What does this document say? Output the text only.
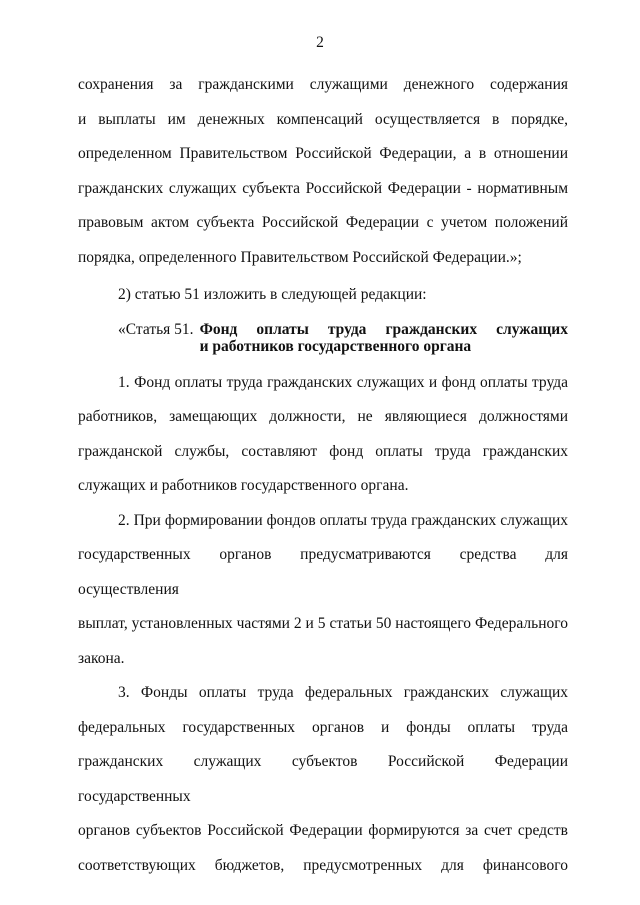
2

сохранения за гражданскими служащими денежного содержания

и выплаты им денежных компенсаций осуществляется в порядке,

определенном Правительством Российской Федерации, а в отношении

гражданских служащих субъекта Российской Федерации - нормативным

правовым актом субъекта Российской Федерации с учетом положений

порядка, определенного Правительством Российской Федерации.»;

2) статью 51 изложить в следующей редакции:

«Статья 51. Фонд оплаты труда гражданских служащих
и работников государственного органа

1. Фонд оплаты труда гражданских служащих и фонд оплаты труда

работников, замещающих должности, не являющиеся должностями

гражданской службы, составляют фонд оплаты труда гражданских

служащих и работников государственного органа.

2. При формировании фондов оплаты труда гражданских служащих

государственных органов предусматриваются средства для осуществления

выплат, установленных частями 2 и 5 статьи 50 настоящего Федерального

закона.

3. Фонды оплаты труда федеральных гражданских служащих

федеральных государственных органов и фонды оплаты труда

гражданских служащих субъектов Российской Федерации государственных

органов субъектов Российской Федерации формируются за счет средств

соответствующих бюджетов, предусмотренных для финансового
